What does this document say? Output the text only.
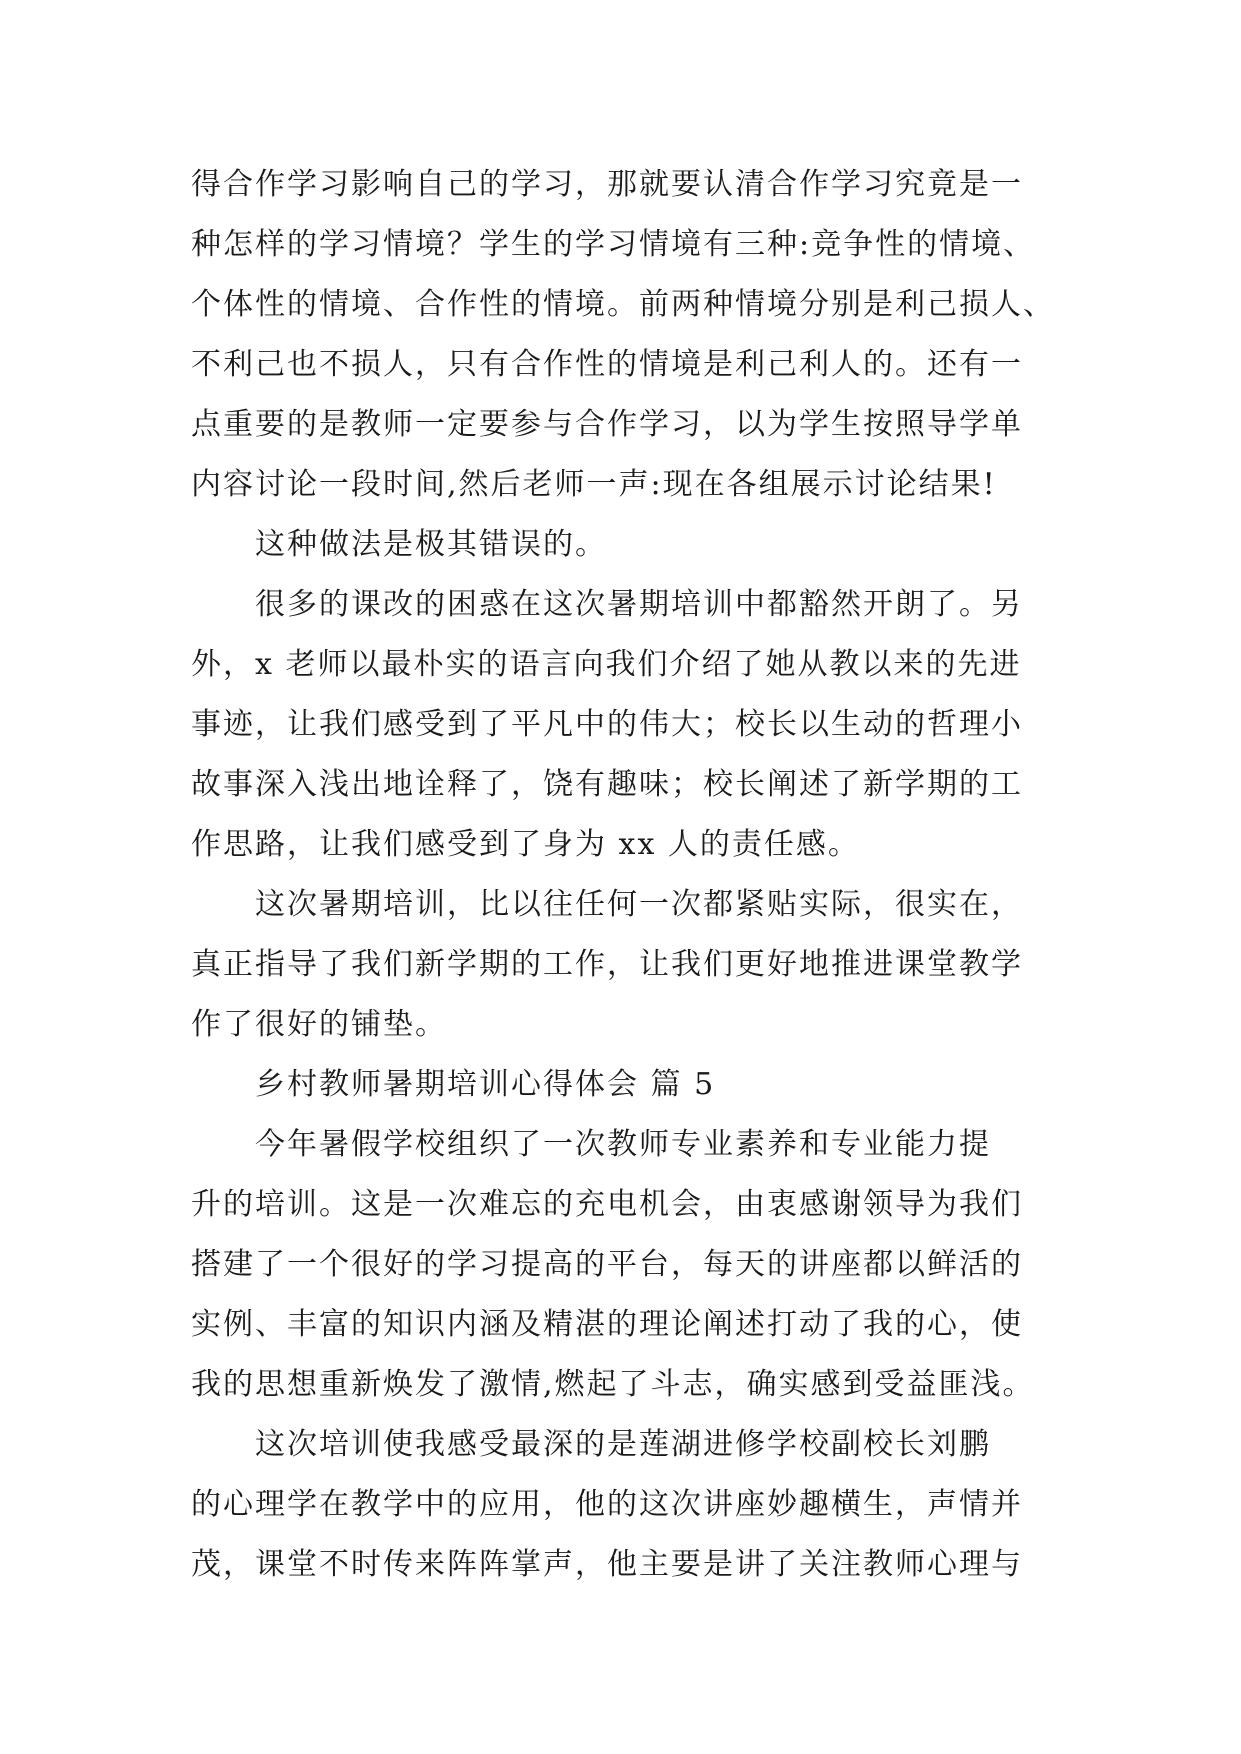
得合作学习影响自己的学习，那就要认清合作学习究竟是一
种怎样的学习情境？学生的学习情境有三种:竞争性的情境、
个体性的情境、合作性的情境。前两种情境分别是利己损人、
不利己也不损人，只有合作性的情境是利己利人的。还有一
点重要的是教师一定要参与合作学习，以为学生按照导学单
内容讨论一段时间,然后老师一声:现在各组展示讨论结果!
这种做法是极其错误的。
很多的课改的困惑在这次暑期培训中都豁然开朗了。另
外，x 老师以最朴实的语言向我们介绍了她从教以来的先进
事迹，让我们感受到了平凡中的伟大；校长以生动的哲理小
故事深入浅出地诠释了，饶有趣味；校长阐述了新学期的工
作思路，让我们感受到了身为 xx 人的责任感。
这次暑期培训，比以往任何一次都紧贴实际，很实在，
真正指导了我们新学期的工作，让我们更好地推进课堂教学
作了很好的铺垫。
乡村教师暑期培训心得体会 篇 5
今年暑假学校组织了一次教师专业素养和专业能力提
升的培训。这是一次难忘的充电机会，由衷感谢领导为我们
搭建了一个很好的学习提高的平台，每天的讲座都以鲜活的
实例、丰富的知识内涵及精湛的理论阐述打动了我的心，使
我的思想重新焕发了激情,燃起了斗志，确实感到受益匪浅。
这次培训使我感受最深的是莲湖进修学校副校长刘鹏
的心理学在教学中的应用，他的这次讲座妙趣横生，声情并
茂，课堂不时传来阵阵掌声，他主要是讲了关注教师心理与
